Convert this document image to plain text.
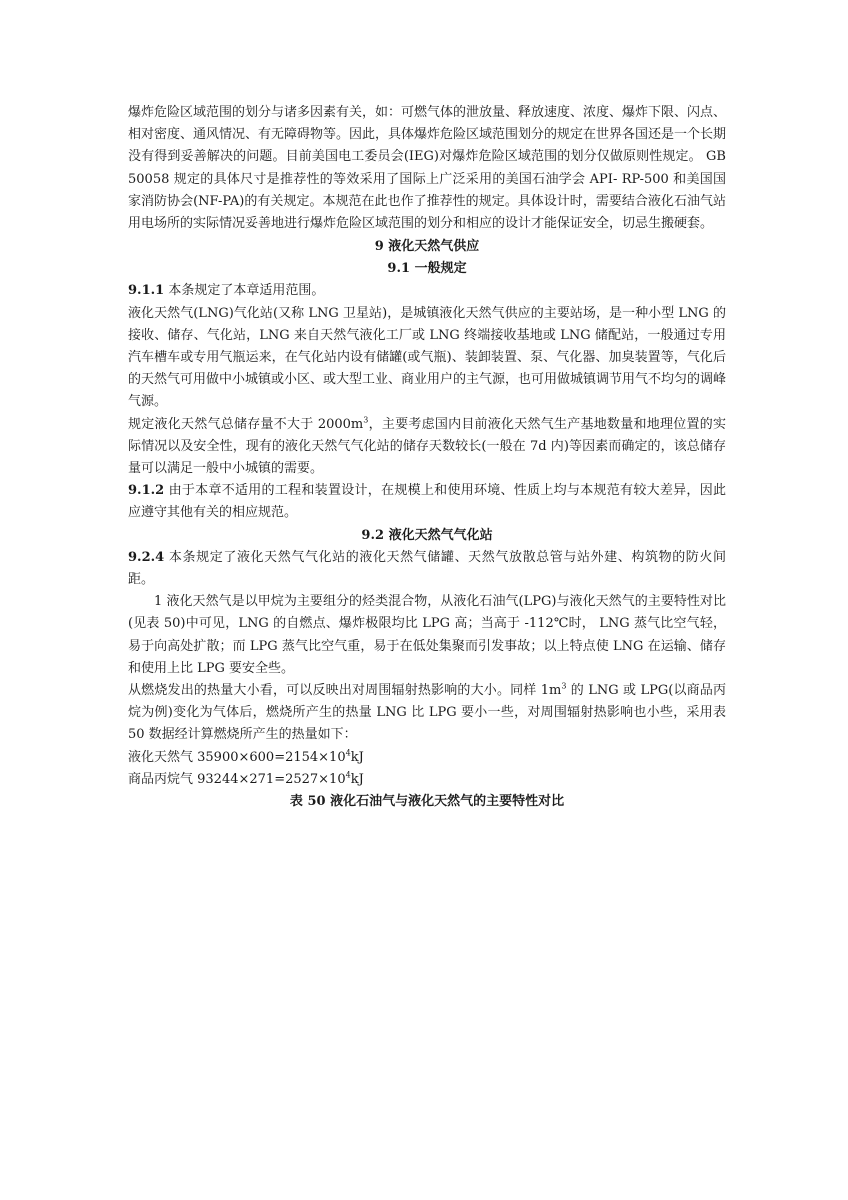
爆炸危险区域范围的划分与诸多因素有关，如：可燃气体的泄放量、释放速度、浓度、爆炸下限、闪点、相对密度、通风情况、有无障碍物等。因此，具体爆炸危险区域范围划分的规定在世界各国还是一个长期没有得到妥善解决的问题。目前美国电工委员会(IEG)对爆炸危险区域范围的划分仅做原则性规定。 GB 50058 规定的具体尺寸是推荐性的等效采用了国际上广泛采用的美国石油学会 API- RP-500 和美国国家消防协会(NF-PA)的有关规定。本规范在此也作了推荐性的规定。具体设计时，需要结合液化石油气站用电场所的实际情况妥善地进行爆炸危险区域范围的划分和相应的设计才能保证安全，切忌生搬硬套。

9 液化天然气供应

9.1 一般规定

9.1.1 本条规定了本章适用范围。

液化天然气(LNG)气化站(又称 LNG 卫星站)，是城镇液化天然气供应的主要站场，是一种小型 LNG 的接收、储存、气化站，LNG 来自天然气液化工厂或 LNG 终端接收基地或 LNG 储配站，一般通过专用汽车槽车或专用气瓶运来，在气化站内设有储罐(或气瓶)、装卸装置、泵、气化器、加臭装置等，气化后的天然气可用做中小城镇或小区、或大型工业、商业用户的主气源，也可用做城镇调节用气不均匀的调峰气源。

规定液化天然气总储存量不大于 $2000m^3$，主要考虑国内目前液化天然气生产基地数量和地理位置的实际情况以及安全性，现有的液化天然气气化站的储存天数较长(一般在 7d 内)等因素而确定的，该总储存量可以满足一般中小城镇的需要。

9.1.2 由于本章不适用的工程和装置设计，在规模上和使用环境、性质上均与本规范有较大差异，因此应遵守其他有关的相应规范。

9.2 液化天然气气化站

9.2.4 本条规定了液化天然气气化站的液化天然气储罐、天然气放散总管与站外建、构筑物的防火间距。

1 液化天然气是以甲烷为主要组分的烃类混合物，从液化石油气(LPG)与液化天然气的主要特性对比(见表 50)中可见，LNG 的自燃点、爆炸极限均比 LPG 高；当高于 -112℃时， LNG 蒸气比空气轻，易于向高处扩散；而 LPG 蒸气比空气重，易于在低处集聚而引发事故；以上特点使 LNG 在运输、储存和使用上比 LPG 要安全些。

从燃烧发出的热量大小看，可以反映出对周围辐射热影响的大小。同样 $1m^3$ 的 LNG 或 LPG(以商品丙烷为例)变化为气体后，燃烧所产生的热量 LNG 比 LPG 要小一些，对周围辐射热影响也小些，采用表 50 数据经计算燃烧所产生的热量如下：

液化天然气 $35900\times 600=2154\times 10^4kJ$

商品丙烷气 $93244\times 271=2527\times 10^4kJ$

表 50 液化石油气与液化天然气的主要特性对比
